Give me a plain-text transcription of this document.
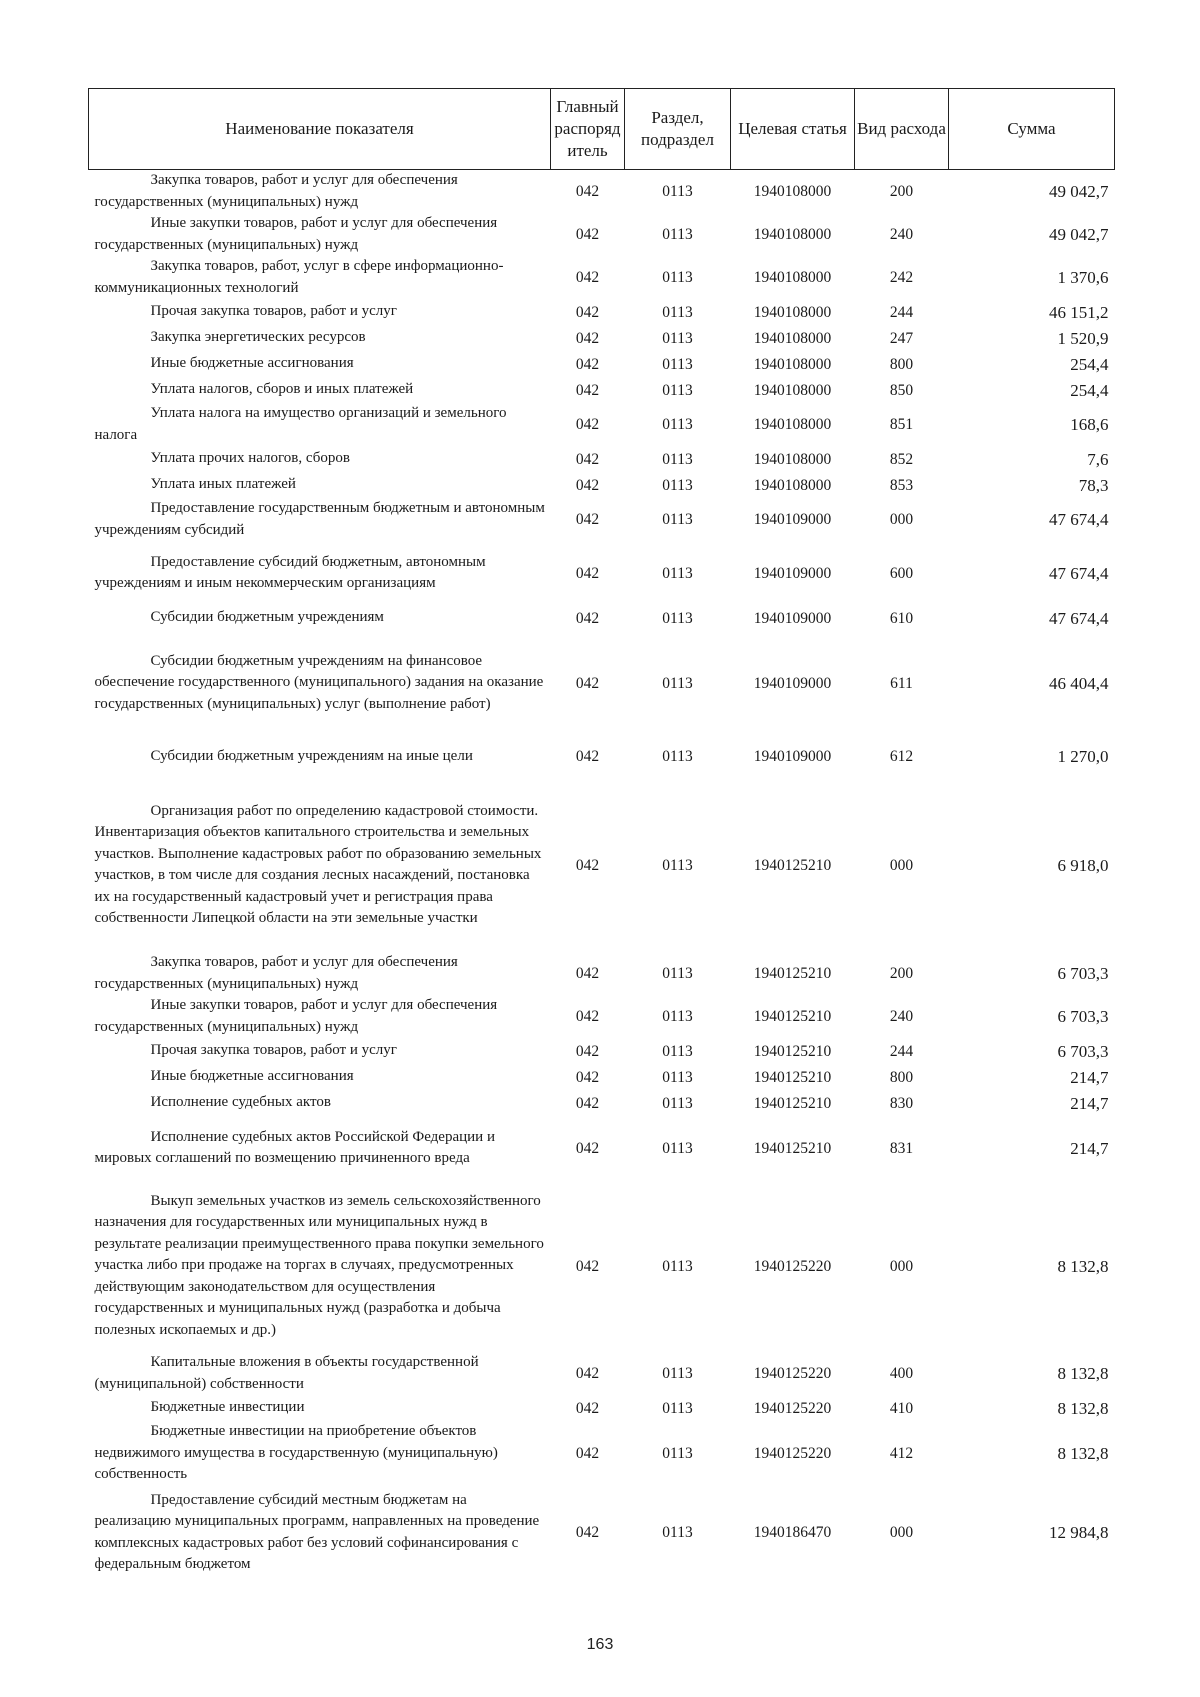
Наименование показателя	Главный распоряд итель	Раздел, подраздел	Целевая статья	Вид расхода	Сумма
Закупка товаров, работ и услуг для обеспечения государственных (муниципальных) нужд	042	0113	1940108000	200	49 042,7
Иные закупки товаров, работ и услуг для обеспечения государственных (муниципальных) нужд	042	0113	1940108000	240	49 042,7
Закупка товаров, работ, услуг в сфере информационно-коммуникационных технологий	042	0113	1940108000	242	1 370,6
Прочая закупка товаров, работ и услуг	042	0113	1940108000	244	46 151,2
Закупка энергетических ресурсов	042	0113	1940108000	247	1 520,9
Иные бюджетные ассигнования	042	0113	1940108000	800	254,4
Уплата налогов, сборов и иных платежей	042	0113	1940108000	850	254,4
Уплата налога на имущество организаций и земельного налога	042	0113	1940108000	851	168,6
Уплата прочих налогов, сборов	042	0113	1940108000	852	7,6
Уплата иных платежей	042	0113	1940108000	853	78,3
Предоставление государственным бюджетным и автономным учреждениям субсидий	042	0113	1940109000	000	47 674,4
Предоставление субсидий бюджетным, автономным учреждениям и иным некоммерческим организациям	042	0113	1940109000	600	47 674,4
Субсидии бюджетным учреждениям	042	0113	1940109000	610	47 674,4
Субсидии бюджетным учреждениям на финансовое обеспечение государственного (муниципального) задания на оказание государственных (муниципальных) услуг (выполнение работ)	042	0113	1940109000	611	46 404,4
Субсидии бюджетным учреждениям на иные цели	042	0113	1940109000	612	1 270,0
Организация работ по определению кадастровой стоимости. Инвентаризация объектов капитального строительства и земельных участков. Выполнение кадастровых работ по образованию земельных участков, в том числе для создания лесных насаждений, постановка их на государственный кадастровый учет и регистрация права собственности Липецкой области на эти земельные участки	042	0113	1940125210	000	6 918,0
Закупка товаров, работ и услуг для обеспечения государственных (муниципальных) нужд	042	0113	1940125210	200	6 703,3
Иные закупки товаров, работ и услуг для обеспечения государственных (муниципальных) нужд	042	0113	1940125210	240	6 703,3
Прочая закупка товаров, работ и услуг	042	0113	1940125210	244	6 703,3
Иные бюджетные ассигнования	042	0113	1940125210	800	214,7
Исполнение судебных актов	042	0113	1940125210	830	214,7
Исполнение судебных актов Российской Федерации и мировых соглашений по возмещению причиненного вреда	042	0113	1940125210	831	214,7
Выкуп земельных участков из земель сельскохозяйственного назначения для государственных или муниципальных нужд в результате реализации преимущественного права покупки земельного участка либо при продаже на торгах в случаях, предусмотренных действующим законодательством для осуществления государственных и муниципальных нужд (разработка и добыча полезных ископаемых и др.)	042	0113	1940125220	000	8 132,8
Капитальные вложения в объекты государственной (муниципальной) собственности	042	0113	1940125220	400	8 132,8
Бюджетные инвестиции	042	0113	1940125220	410	8 132,8
Бюджетные инвестиции на приобретение объектов недвижимого имущества в государственную (муниципальную) собственность	042	0113	1940125220	412	8 132,8
Предоставление субсидий местным бюджетам на реализацию муниципальных программ, направленных на проведение комплексных кадастровых работ без условий софинансирования с федеральным бюджетом	042	0113	1940186470	000	12 984,8
163
